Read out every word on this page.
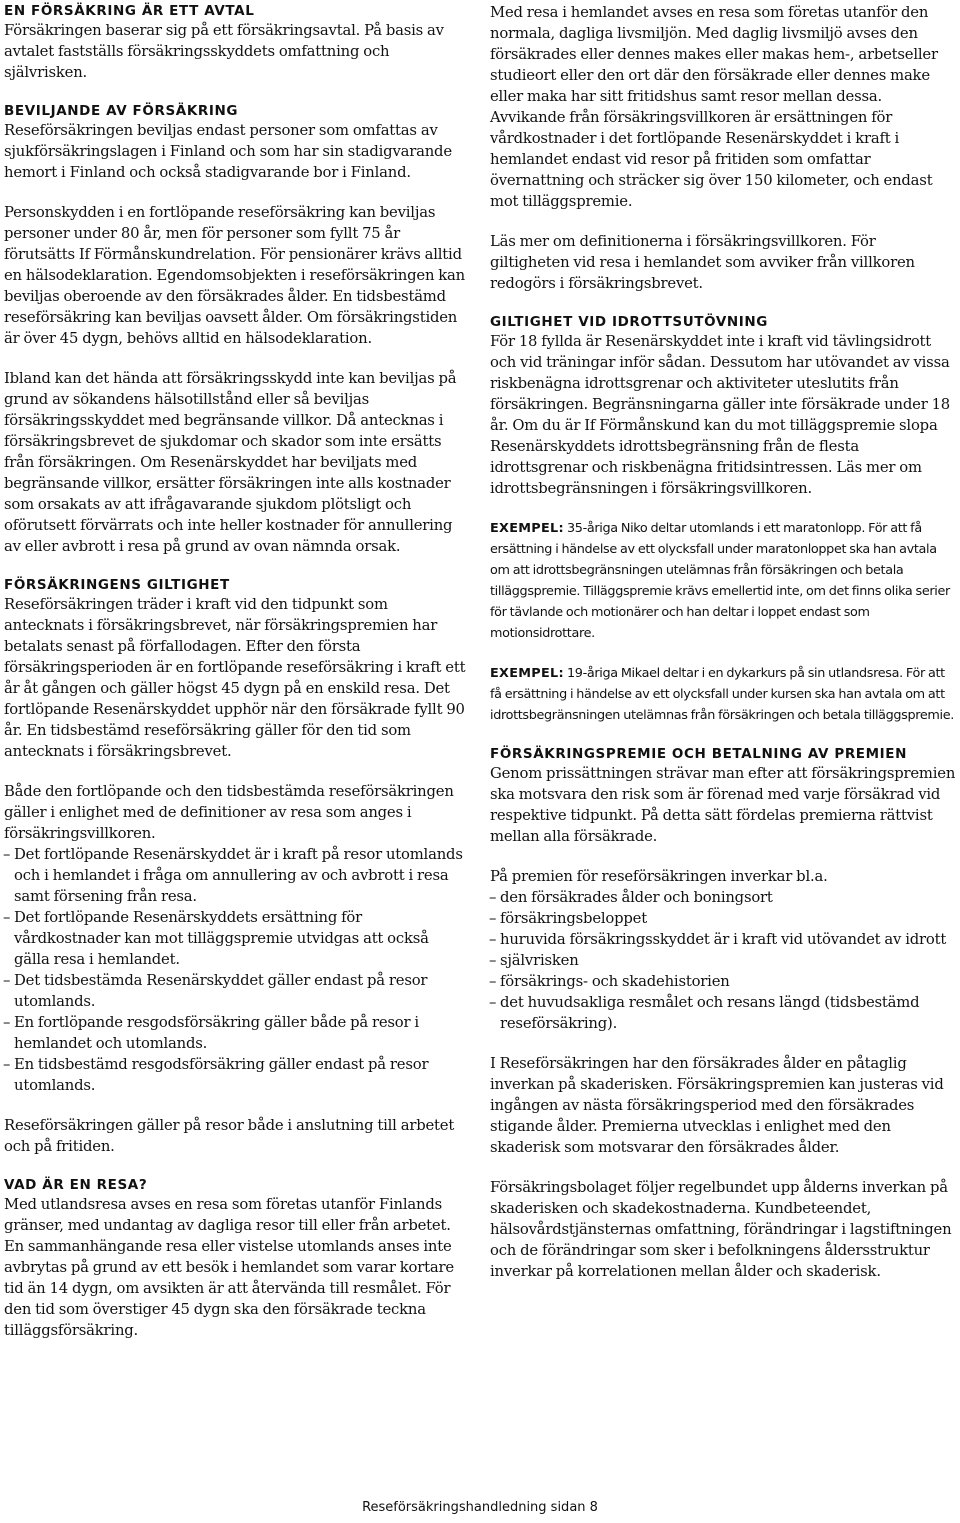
EN FÖRSÄKRING ÄR ETT AVTAL

Försäkringen baserar sig på ett försäkringsavtal. På basis av avtalet fastställs försäkringsskyddets omfattning och självrisken.

BEVILJANDE AV FÖRSÄKRING

Reseförsäkringen beviljas endast personer som omfattas av sjukförsäkringslagen i Finland och som har sin stadigvarande hemort i Finland och också stadigvarande bor i Finland.

Personskydden i en fortlöpande reseförsäkring kan beviljas personer under 80 år, men för personer som fyllt 75 år förutsätts If Förmånskundrelation. För pensionärer krävs alltid en hälsodeklaration. Egendomsobjekten i reseförsäkringen kan beviljas oberoende av den försäkrades ålder. En tidsbestämd reseförsäkring kan beviljas oavsett ålder. Om försäkringstiden är över 45 dygn, behövs alltid en hälsodeklaration.

Ibland kan det hända att försäkringsskydd inte kan beviljas på grund av sökandens hälsotillstånd eller så beviljas försäkringsskyddet med begränsande villkor. Då antecknas i försäkringsbrevet de sjukdomar och skador som inte ersätts från försäkringen. Om Resenärskyddet har beviljats med begränsande villkor, ersätter försäkringen inte alls kostnader som orsakats av att ifrågavarande sjukdom plötsligt och oförutsett förvärrats och inte heller kostnader för annullering av eller avbrott i resa på grund av ovan nämnda orsak.

FÖRSÄKRINGENS GILTIGHET

Reseförsäkringen träder i kraft vid den tidpunkt som antecknats i försäkringsbrevet, när försäkringspremien har betalats senast på förfallodagen. Efter den första försäkringsperioden är en fortlöpande reseförsäkring i kraft ett år åt gången och gäller högst 45 dygn på en enskild resa. Det fortlöpande Resenärskyddet upphör när den försäkrade fyllt 90 år. En tidsbestämd reseförsäkring gäller för den tid som antecknats i försäkringsbrevet.

Både den fortlöpande och den tidsbestämda reseförsäkringen gäller i enlighet med de definitioner av resa som anges i försäkringsvillkoren.

– Det fortlöpande Resenärskyddet är i kraft på resor utomlands och i hemlandet i fråga om annullering av och avbrott i resa samt försening från resa.
– Det fortlöpande Resenärskyddets ersättning för vårdkostnader kan mot tilläggspremie utvidgas att också gälla resa i hemlandet.
– Det tidsbestämda Resenärskyddet gäller endast på resor utomlands.
– En fortlöpande resgodsförsäkring gäller både på resor i hemlandet och utomlands.
– En tidsbestämd resgodsförsäkring gäller endast på resor utomlands.

Reseförsäkringen gäller på resor både i anslutning till arbetet och på fritiden.

VAD ÄR EN RESA?

Med utlandsresa avses en resa som företas utanför Finlands gränser, med undantag av dagliga resor till eller från arbetet. En sammanhängande resa eller vistelse utomlands anses inte avbrytas på grund av ett besök i hemlandet som varar kortare tid än 14 dygn, om avsikten är att återvända till resmålet. För den tid som överstiger 45 dygn ska den försäkrade teckna tilläggsförsäkring.

Med resa i hemlandet avses en resa som företas utanför den normala, dagliga livsmiljön. Med daglig livsmiljö avses den försäkrades eller dennes makes eller makas hem-, arbetseller studieort eller den ort där den försäkrade eller dennes make eller maka har sitt fritidshus samt resor mellan dessa. Avvikande från försäkringsvillkoren är ersättningen för vårdkostnader i det fortlöpande Resenärskyddet i kraft i hemlandet endast vid resor på fritiden som omfattar övernattning och sträcker sig över 150 kilometer, och endast mot tilläggspremie.

Läs mer om definitionerna i försäkringsvillkoren. För giltigheten vid resa i hemlandet som avviker från villkoren redogörs i försäkringsbrevet.

GILTIGHET VID IDROTTSUTÖVNING

För 18 fyllda är Resenärskyddet inte i kraft vid tävlingsidrott och vid träningar inför sådan. Dessutom har utövandet av vissa riskbenägna idrottsgrenar och aktiviteter uteslutits från försäkringen. Begränsningarna gäller inte försäkrade under 18 år. Om du är If Förmånskund kan du mot tilläggspremie slopa Resenärskyddets idrottsbegränsning från de flesta idrottsgrenar och riskbenägna fritidsintressen. Läs mer om idrottsbegränsningen i försäkringsvillkoren.

EXEMPEL: 35-åriga Niko deltar utomlands i ett maratonlopp. För att få ersättning i händelse av ett olycksfall under maratonloppet ska han avtala om att idrottsbegränsningen utelämnas från försäkringen och betala tilläggspremie. Tilläggspremie krävs emellertid inte, om det finns olika serier för tävlande och motionärer och han deltar i loppet endast som motionsidrottare.

EXEMPEL: 19-åriga Mikael deltar i en dykarkurs på sin utlandsresa. För att få ersättning i händelse av ett olycksfall under kursen ska han avtala om att idrottsbegränsningen utelämnas från försäkringen och betala tilläggspremie.

FÖRSÄKRINGSPREMIE OCH BETALNING AV PREMIEN

Genom prissättningen strävar man efter att försäkringspremien ska motsvara den risk som är förenad med varje försäkrad vid respektive tidpunkt. På detta sätt fördelas premierna rättvist mellan alla försäkrade.

På premien för reseförsäkringen inverkar bl.a.

– den försäkrades ålder och boningsort
– försäkringsbeloppet
– huruvida försäkringsskyddet är i kraft vid utövandet av idrott
– självrisken
– försäkrings- och skadehistorien
– det huvudsakliga resmålet och resans längd (tidsbestämd reseförsäkring).

I Reseförsäkringen har den försäkrades ålder en påtaglig inverkan på skaderisken. Försäkringspremien kan justeras vid ingången av nästa försäkringsperiod med den försäkrades stigande ålder. Premierna utvecklas i enlighet med den skaderisk som motsvarar den försäkrades ålder.

Försäkringsbolaget följer regelbundet upp ålderns inverkan på skaderisken och skadekostnaderna. Kundbeteendet, hälsovårdstjänsternas omfattning, förändringar i lagstiftningen och de förändringar som sker i befolkningens åldersstruktur inverkar på korrelationen mellan ålder och skaderisk.

Reseförsäkringshandledning sidan 8
